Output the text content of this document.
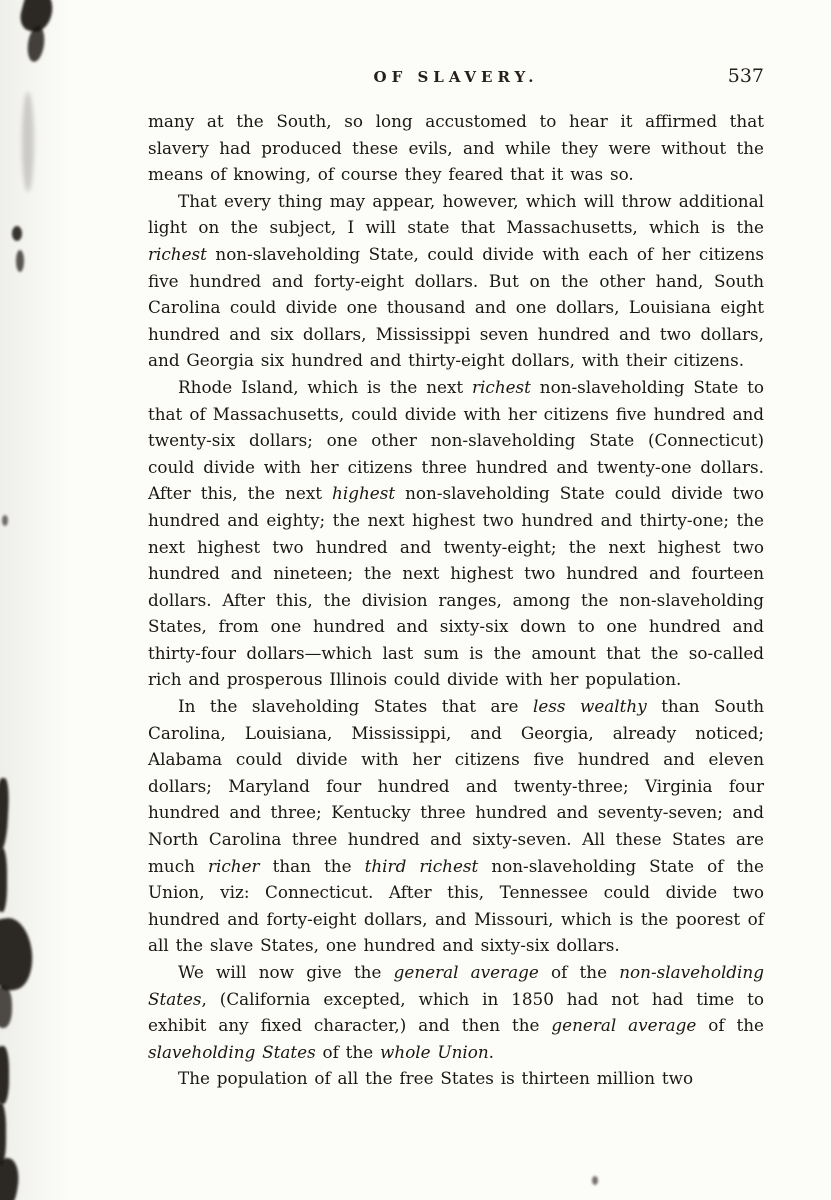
OF SLAVERY.	537

many at the South, so long accustomed to hear it affirmed that slavery had produced these evils, and while they were without the means of knowing, of course they feared that it was so.

That every thing may appear, however, which will throw additional light on the subject, I will state that Massachusetts, which is the richest non-slaveholding State, could divide with each of her citizens five hundred and forty-eight dollars. But on the other hand, South Carolina could divide one thousand and one dollars, Louisiana eight hundred and six dollars, Mississippi seven hundred and two dollars, and Georgia six hundred and thirty-eight dollars, with their citizens.

Rhode Island, which is the next richest non-slaveholding State to that of Massachusetts, could divide with her citizens five hundred and twenty-six dollars; one other non-slaveholding State (Connecticut) could divide with her citizens three hundred and twenty-one dollars. After this, the next highest non-slaveholding State could divide two hundred and eighty; the next highest two hundred and thirty-one; the next highest two hundred and twenty-eight; the next highest two hundred and nineteen; the next highest two hundred and fourteen dollars. After this, the division ranges, among the non-slaveholding States, from one hundred and sixty-six down to one hundred and thirty-four dollars—which last sum is the amount that the so-called rich and prosperous Illinois could divide with her population.

In the slaveholding States that are less wealthy than South Carolina, Louisiana, Mississippi, and Georgia, already noticed; Alabama could divide with her citizens five hundred and eleven dollars; Maryland four hundred and twenty-three; Virginia four hundred and three; Kentucky three hundred and seventy-seven; and North Carolina three hundred and sixty-seven. All these States are much richer than the third richest non-slaveholding State of the Union, viz: Connecticut. After this, Tennessee could divide two hundred and forty-eight dollars, and Missouri, which is the poorest of all the slave States, one hundred and sixty-six dollars.

We will now give the general average of the non-slaveholding States, (California excepted, which in 1850 had not had time to exhibit any fixed character,) and then the general average of the slaveholding States of the whole Union.

The population of all the free States is thirteen million two
